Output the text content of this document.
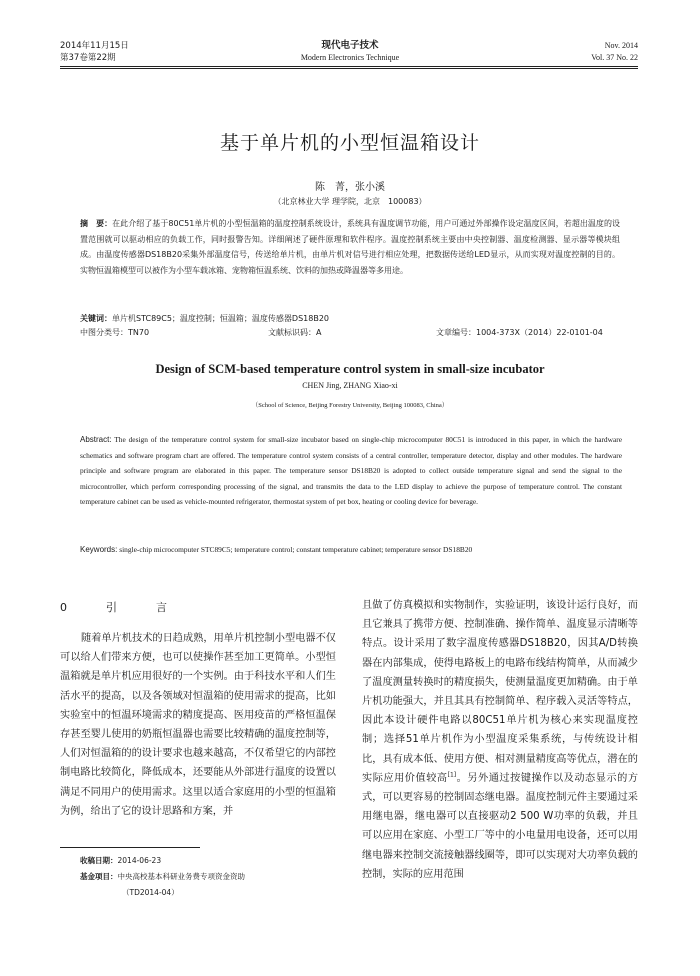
2014年11月15日
第37卷第22期
现代电子技术
Modern Electronics Technique
Nov. 2014
Vol. 37 No. 22
基于单片机的小型恒温箱设计
陈　菁，张小溪
（北京林业大学 理学院，北京　100083）
摘　要：在此介绍了基于80C51单片机的小型恒温箱的温度控制系统设计，系统具有温度调节功能，用户可通过外部操作设定温度区间，若超出温度的设置范围就可以驱动相应的负载工作，同时报警告知。详细阐述了硬件原理和软件程序。温度控制系统主要由中央控制器、温度检测器、显示器等模块组成。由温度传感器DS18B20采集外部温度信号，传送给单片机，由单片机对信号进行相应处理，把数据传送给LED显示，从而实现对温度控制的目的。实物恒温箱模型可以被作为小型车载冰箱、宠物箱恒温系统、饮料的加热或降温器等多用途。
关键词：单片机STC89C5；温度控制；恒温箱；温度传感器DS18B20
中图分类号：TN70	文献标识码：A	文章编号：1004-373X（2014）22-0101-04
Design of SCM-based temperature control system in small-size incubator
CHEN Jing, ZHANG Xiao-xi
（School of Science, Beijing Forestry University, Beijing 100083, China）
Abstract: The design of the temperature control system for small-size incubator based on single-chip microcomputer 80C51 is introduced in this paper, in which the hardware schematics and software program chart are offered. The temperature control system consists of a central controller, temperature detector, display and other modules. The hardware principle and software program are elaborated in this paper. The temperature sensor DS18B20 is adopted to collect outside temperature signal and send the signal to the microcontroller, which perform corresponding processing of the signal, and transmits the data to the LED display to achieve the purpose of temperature control. The constant temperature cabinet can be used as vehicle-mounted refrigerator, thermostat system of pet box, heating or cooling device for beverage.
Keywords: single-chip microcomputer STC89C5; temperature control; constant temperature cabinet; temperature sensor DS18B20
0　引　言
随着单片机技术的日趋成熟，用单片机控制小型电器不仅可以给人们带来方便，也可以使操作甚至加工更简单。小型恒温箱就是单片机应用很好的一个实例。由于科技水平和人们生活水平的提高，以及各领域对恒温箱的使用需求的提高，比如实验室中的恒温环境需求的精度提高、医用疫苗的严格恒温保存甚至婴儿使用的奶瓶恒温器也需要比较精确的温度控制等，人们对恒温箱的的设计要求也越来越高，不仅希望它的内部控制电路比较简化，降低成本，还要能从外部进行温度的设置以满足不同用户的使用需求。这里以适合家庭用的小型的恒温箱为例，给出了它的设计思路和方案，并
且做了仿真模拟和实物制作，实验证明，该设计运行良好，而且它兼具了携带方便、控制准确、操作简单、温度显示清晰等特点。设计采用了数字温度传感器DS18B20，因其A/D转换器在内部集成，使得电路板上的电路布线结构简单，从而减少了温度测量转换时的精度损失，使测量温度更加精确。由于单片机功能强大，并且其具有控制简单、程序载入灵活等特点，因此本设计硬件电路以80C51单片机为核心来实现温度控制；选择51单片机作为小型温度采集系统，与传统设计相比，具有成本低、使用方便、相对测量精度高等优点，潜在的实际应用价值较高[1]。另外通过按键操作以及动态显示的方式，可以更容易的控制固态继电器。温度控制元件主要通过采用继电器，继电器可以直接驱动2 500 W功率的负载，并且可以应用在家庭、小型工厂等中的小电量用电设备，还可以用继电器来控制交流接触器线圈等，即可以实现对大功率负载的控制，实际的应用范围
收稿日期：2014-06-23
基金项目：中央高校基本科研业务费专项资金资助
（TD2014-04）
